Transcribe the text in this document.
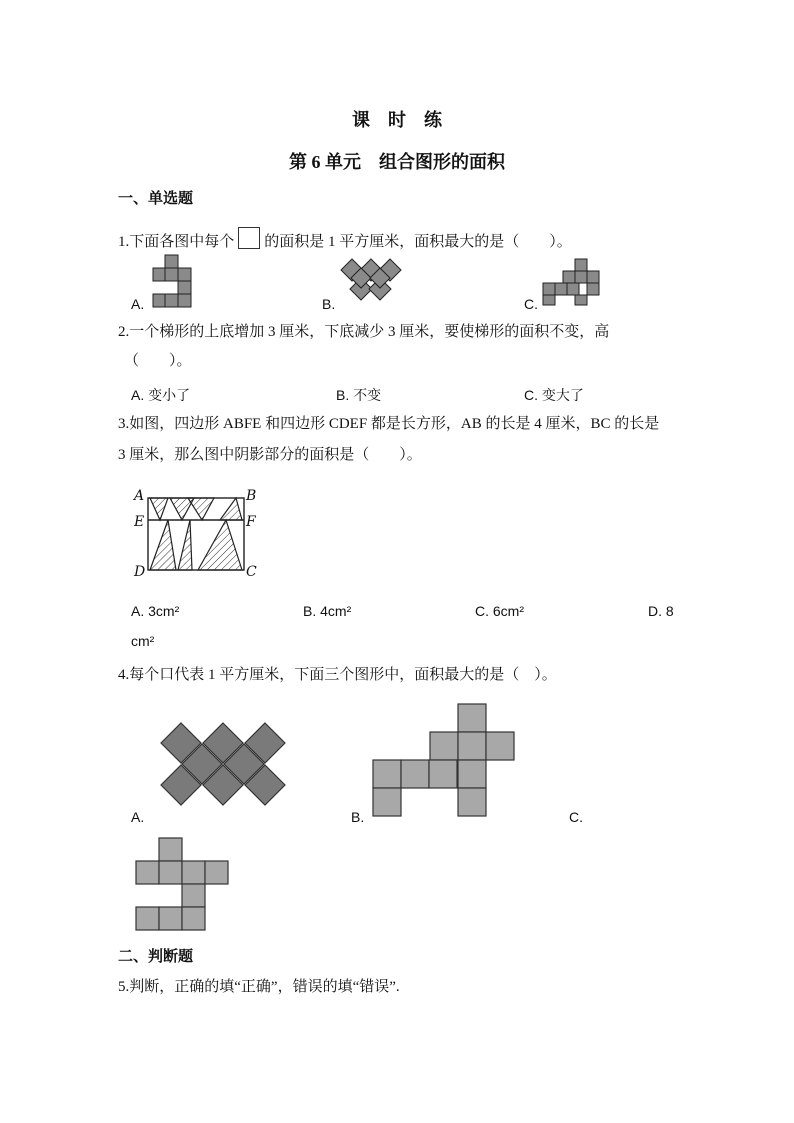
课　时　练
第 6 单元　组合图形的面积
一、单选题
1.下面各图中每个 的面积是 1 平方厘米，面积最大的是（　　）。
A.	B.	C.
2.一个梯形的上底增加 3 厘米，下底减少 3 厘米，要使梯形的面积不变，高
（　　）。
A. 变小了	B. 不变	C. 变大了
3.如图，四边形 ABFE 和四边形 CDEF 都是长方形，AB 的长是 4 厘米，BC 的长是
3 厘米，那么图中阴影部分的面积是（　　）。
A	B
E	F
D	C
A. 3cm²	B. 4cm²	C. 6cm²	D. 8
cm²
4.每个口代表 1 平方厘米，下面三个图形中，面积最大的是（　）。
A.	B.	C.
二、判断题
5.判断，正确的填“正确”，错误的填“错误”.
